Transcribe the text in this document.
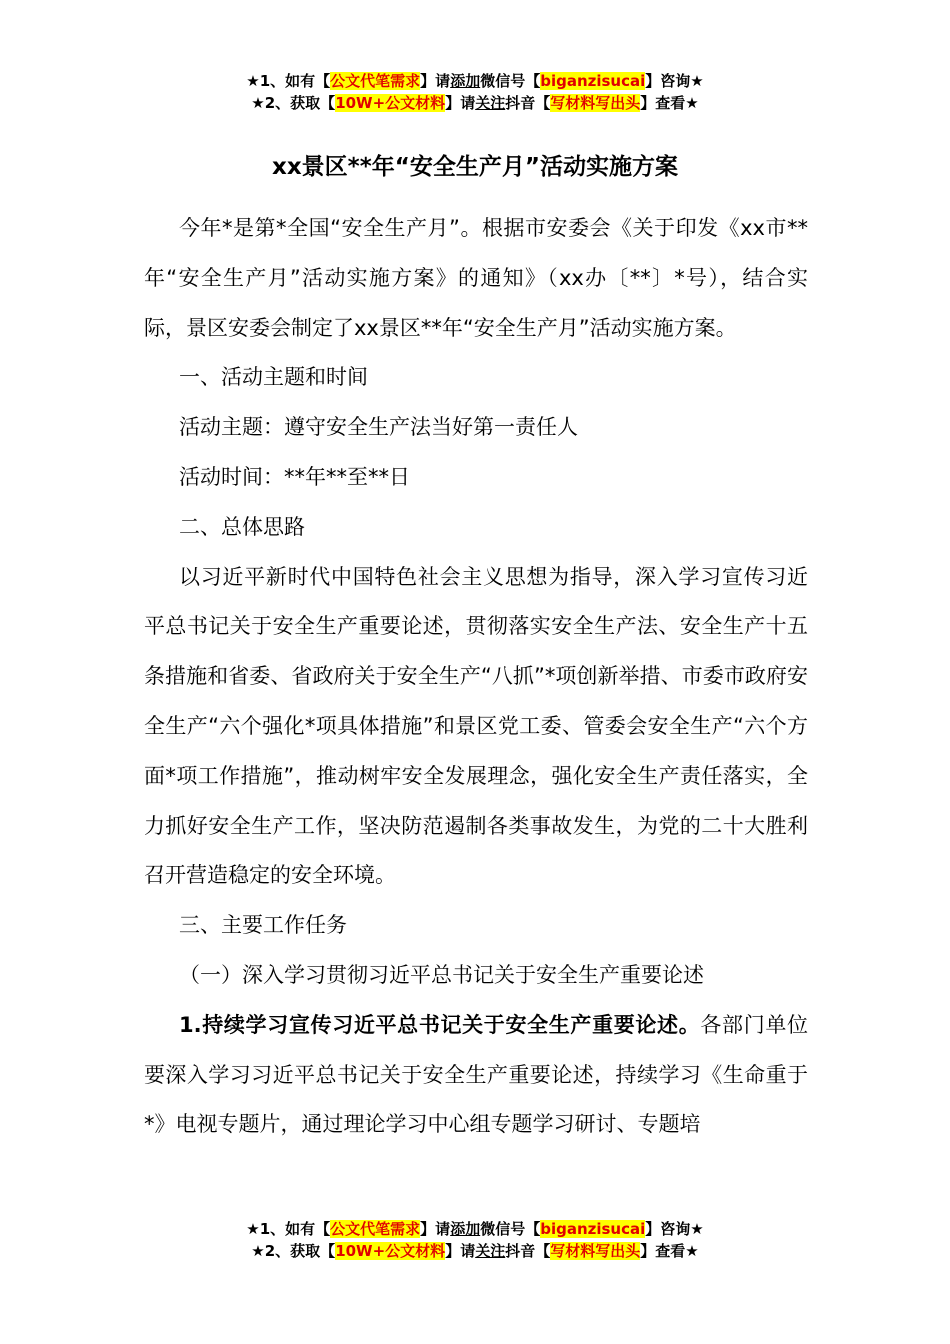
★1、如有【公文代笔需求】请添加微信号【biganzisucai】咨询★
★2、获取【10W+公文材料】请关注抖音【写材料写出头】查看★
xx景区**年“安全生产月”活动实施方案

今年*是第*全国“安全生产月”。根据市安委会《关于印发《xx市**年“安全生产月”活动实施方案》的通知》（xx办〔**〕*号），结合实际，景区安委会制定了xx景区**年“安全生产月”活动实施方案。

一、活动主题和时间

活动主题：遵守安全生产法当好第一责任人

活动时间：**年**至**日

二、总体思路

以习近平新时代中国特色社会主义思想为指导，深入学习宣传习近平总书记关于安全生产重要论述，贯彻落实安全生产法、安全生产十五条措施和省委、省政府关于安全生产“八抓”*项创新举措、市委市政府安全生产“六个强化*项具体措施”和景区党工委、管委会安全生产“六个方面*项工作措施”，推动树牢安全发展理念，强化安全生产责任落实，全力抓好安全生产工作，坚决防范遏制各类事故发生，为党的二十大胜利召开营造稳定的安全环境。

三、主要工作任务

（一）深入学习贯彻习近平总书记关于安全生产重要论述

1.持续学习宣传习近平总书记关于安全生产重要论述。各部门单位要深入学习习近平总书记关于安全生产重要论述，持续学习《生命重于*》电视专题片，通过理论学习中心组专题学习研讨、专题培

★1、如有【公文代笔需求】请添加微信号【biganzisucai】咨询★
★2、获取【10W+公文材料】请关注抖音【写材料写出头】查看★
